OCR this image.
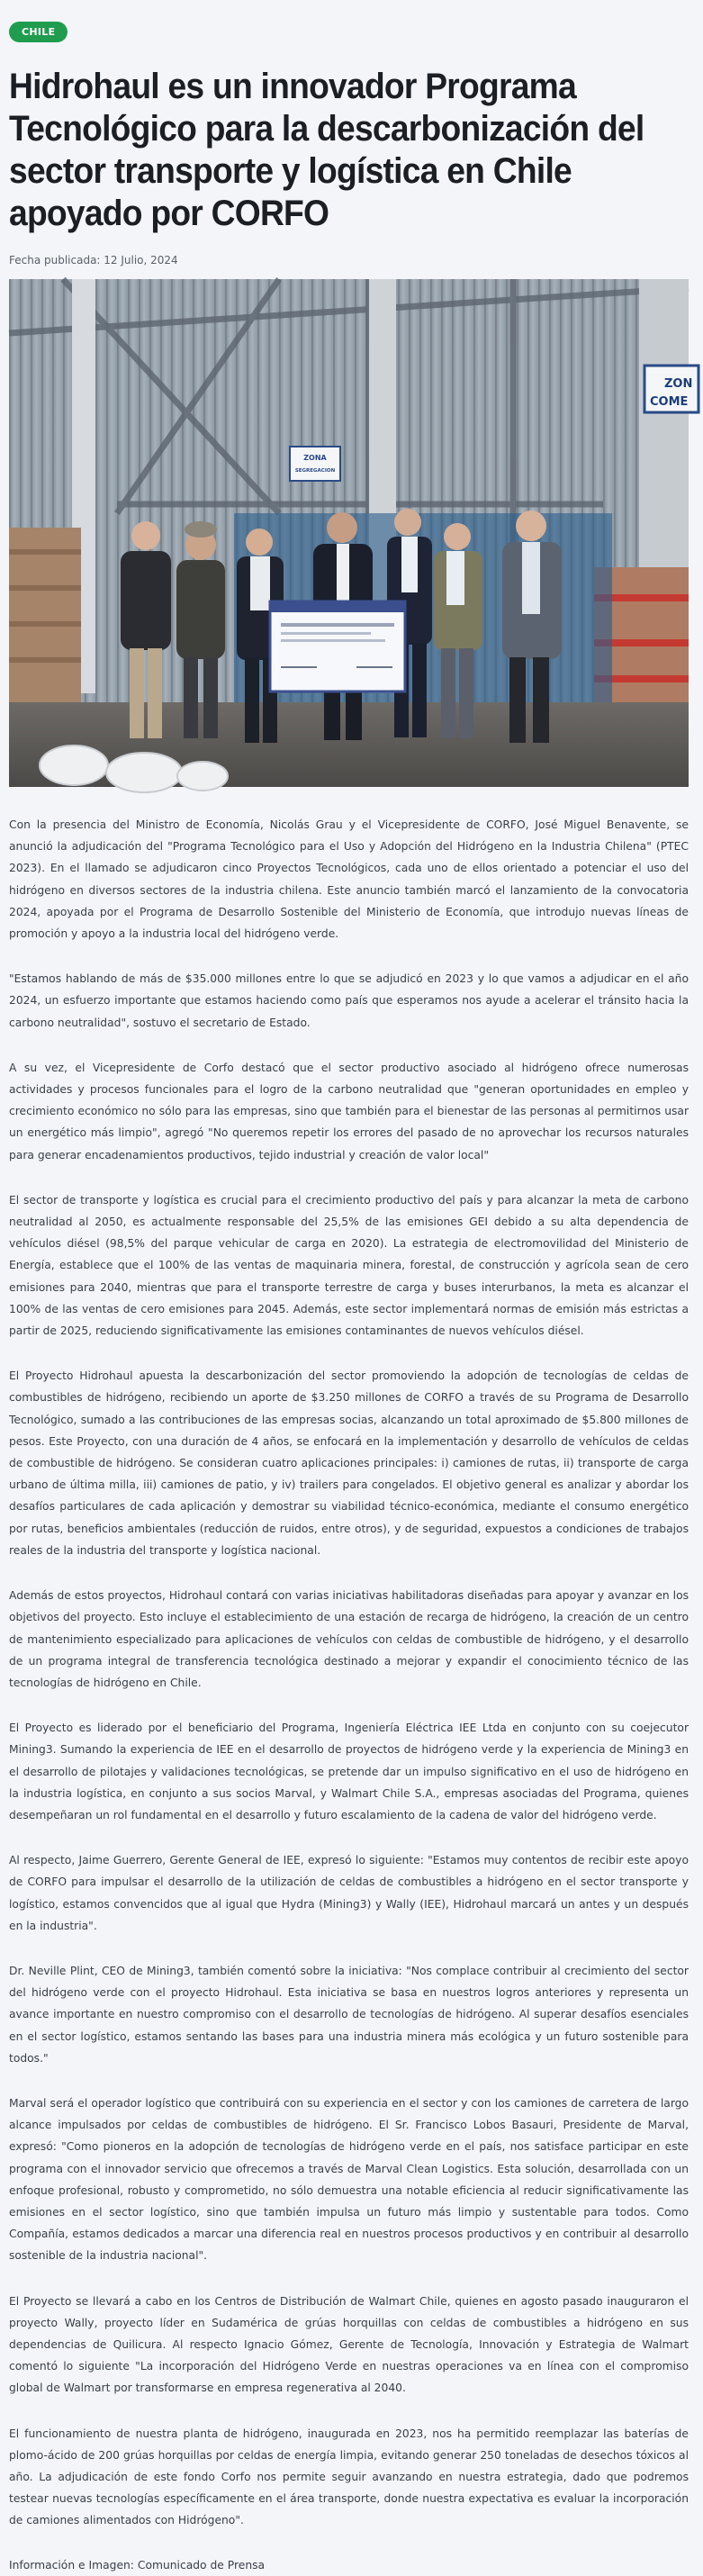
CHILE
Hidrohaul es un innovador Programa Tecnológico para la descarbonización del sector transporte y logística en Chile apoyado por CORFO
Fecha publicada: 12 Julio, 2024
ZONA
SEGREGACION
ZON
COME

Con la presencia del Ministro de Economía, Nicolás Grau y el Vicepresidente de CORFO, José Miguel Benavente, se anunció la adjudicación del "Programa Tecnológico para el Uso y Adopción del Hidrógeno en la Industria Chilena" (PTEC 2023). En el llamado se adjudicaron cinco Proyectos Tecnológicos, cada uno de ellos orientado a potenciar el uso del hidrógeno en diversos sectores de la industria chilena. Este anuncio también marcó el lanzamiento de la convocatoria 2024, apoyada por el Programa de Desarrollo Sostenible del Ministerio de Economía, que introdujo nuevas líneas de promoción y apoyo a la industria local del hidrógeno verde.

"Estamos hablando de más de $35.000 millones entre lo que se adjudicó en 2023 y lo que vamos a adjudicar en el año 2024, un esfuerzo importante que estamos haciendo como país que esperamos nos ayude a acelerar el tránsito hacia la carbono neutralidad", sostuvo el secretario de Estado.

A su vez, el Vicepresidente de Corfo destacó que el sector productivo asociado al hidrógeno ofrece numerosas actividades y procesos funcionales para el logro de la carbono neutralidad que "generan oportunidades en empleo y crecimiento económico no sólo para las empresas, sino que también para el bienestar de las personas al permitirnos usar un energético más limpio", agregó "No queremos repetir los errores del pasado de no aprovechar los recursos naturales para generar encadenamientos productivos, tejido industrial y creación de valor local"

El sector de transporte y logística es crucial para el crecimiento productivo del país y para alcanzar la meta de carbono neutralidad al 2050, es actualmente responsable del 25,5% de las emisiones GEI debido a su alta dependencia de vehículos diésel (98,5% del parque vehicular de carga en 2020). La estrategia de electromovilidad del Ministerio de Energía, establece que el 100% de las ventas de maquinaria minera, forestal, de construcción y agrícola sean de cero emisiones para 2040, mientras que para el transporte terrestre de carga y buses interurbanos, la meta es alcanzar el 100% de las ventas de cero emisiones para 2045. Además, este sector implementará normas de emisión más estrictas a partir de 2025, reduciendo significativamente las emisiones contaminantes de nuevos vehículos diésel.

El Proyecto Hidrohaul apuesta la descarbonización del sector promoviendo la adopción de tecnologías de celdas de combustibles de hidrógeno, recibiendo un aporte de $3.250 millones de CORFO a través de su Programa de Desarrollo Tecnológico, sumado a las contribuciones de las empresas socias, alcanzando un total aproximado de $5.800 millones de pesos. Este Proyecto, con una duración de 4 años, se enfocará en la implementación y desarrollo de vehículos de celdas de combustible de hidrógeno. Se consideran cuatro aplicaciones principales: i) camiones de rutas, ii) transporte de carga urbano de última milla, iii) camiones de patio, y iv) trailers para congelados. El objetivo general es analizar y abordar los desafíos particulares de cada aplicación y demostrar su viabilidad técnico-económica, mediante el consumo energético por rutas, beneficios ambientales (reducción de ruidos, entre otros), y de seguridad, expuestos a condiciones de trabajos reales de la industria del transporte y logística nacional.

Además de estos proyectos, Hidrohaul contará con varias iniciativas habilitadoras diseñadas para apoyar y avanzar en los objetivos del proyecto. Esto incluye el establecimiento de una estación de recarga de hidrógeno, la creación de un centro de mantenimiento especializado para aplicaciones de vehículos con celdas de combustible de hidrógeno, y el desarrollo de un programa integral de transferencia tecnológica destinado a mejorar y expandir el conocimiento técnico de las tecnologías de hidrógeno en Chile.

El Proyecto es liderado por el beneficiario del Programa, Ingeniería Eléctrica IEE Ltda en conjunto con su coejecutor Mining3. Sumando la experiencia de IEE en el desarrollo de proyectos de hidrógeno verde y la experiencia de Mining3 en el desarrollo de pilotajes y validaciones tecnológicas, se pretende dar un impulso significativo en el uso de hidrógeno en la industria logística, en conjunto a sus socios Marval, y Walmart Chile S.A., empresas asociadas del Programa, quienes desempeñaran un rol fundamental en el desarrollo y futuro escalamiento de la cadena de valor del hidrógeno verde.

Al respecto, Jaime Guerrero, Gerente General de IEE, expresó lo siguiente: "Estamos muy contentos de recibir este apoyo de CORFO para impulsar el desarrollo de la utilización de celdas de combustibles a hidrógeno en el sector transporte y logístico, estamos convencidos que al igual que Hydra (Mining3) y Wally (IEE), Hidrohaul marcará un antes y un después en la industria".

Dr. Neville Plint, CEO de Mining3, también comentó sobre la iniciativa: "Nos complace contribuir al crecimiento del sector del hidrógeno verde con el proyecto Hidrohaul. Esta iniciativa se basa en nuestros logros anteriores y representa un avance importante en nuestro compromiso con el desarrollo de tecnologías de hidrógeno. Al superar desafíos esenciales en el sector logístico, estamos sentando las bases para una industria minera más ecológica y un futuro sostenible para todos."

Marval será el operador logístico que contribuirá con su experiencia en el sector y con los camiones de carretera de largo alcance impulsados por celdas de combustibles de hidrógeno. El Sr. Francisco Lobos Basauri, Presidente de Marval, expresó: "Como pioneros en la adopción de tecnologías de hidrógeno verde en el país, nos satisface participar en este programa con el innovador servicio que ofrecemos a través de Marval Clean Logistics. Esta solución, desarrollada con un enfoque profesional, robusto y comprometido, no sólo demuestra una notable eficiencia al reducir significativamente las emisiones en el sector logístico, sino que también impulsa un futuro más limpio y sustentable para todos. Como Compañía, estamos dedicados a marcar una diferencia real en nuestros procesos productivos y en contribuir al desarrollo sostenible de la industria nacional".

El Proyecto se llevará a cabo en los Centros de Distribución de Walmart Chile, quienes en agosto pasado inauguraron el proyecto Wally, proyecto líder en Sudamérica de grúas horquillas con celdas de combustibles a hidrógeno en sus dependencias de Quilicura. Al respecto Ignacio Gómez, Gerente de Tecnología, Innovación y Estrategia de Walmart comentó lo siguiente "La incorporación del Hidrógeno Verde en nuestras operaciones va en línea con el compromiso global de Walmart por transformarse en empresa regenerativa al 2040.

El funcionamiento de nuestra planta de hidrógeno, inaugurada en 2023, nos ha permitido reemplazar las baterías de plomo-ácido de 200 grúas horquillas por celdas de energía limpia, evitando generar 250 toneladas de desechos tóxicos al año. La adjudicación de este fondo Corfo nos permite seguir avanzando en nuestra estrategia, dado que podremos testear nuevas tecnologías específicamente en el área transporte, donde nuestra expectativa es evaluar la incorporación de camiones alimentados con Hidrógeno".

Información e Imagen: Comunicado de Prensa
